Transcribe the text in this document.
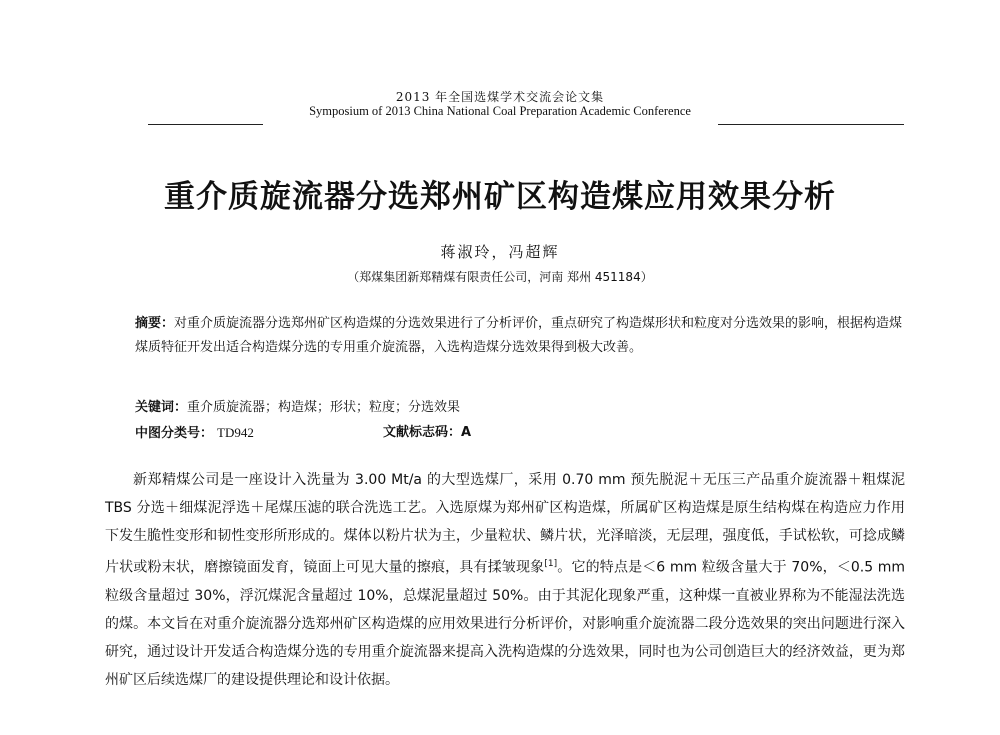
2013 年全国选煤学术交流会论文集
Symposium of 2013 China National Coal Preparation Academic Conference
重介质旋流器分选郑州矿区构造煤应用效果分析
蒋淑玲，冯超辉
（郑煤集团新郑精煤有限责任公司，河南 郑州 451184）
摘要：对重介质旋流器分选郑州矿区构造煤的分选效果进行了分析评价，重点研究了构造煤形状和粒度对分选效果的影响，根据构造煤煤质特征开发出适合构造煤分选的专用重介旋流器，入选构造煤分选效果得到极大改善。
关键词：重介质旋流器；构造煤；形状；粒度；分选效果
中图分类号： TD942	文献标志码：A

新郑精煤公司是一座设计入洗量为 3.00 Mt/a 的大型选煤厂，采用 0.70 mm 预先脱泥＋无压三产品重介旋流器＋粗煤泥 TBS 分选＋细煤泥浮选＋尾煤压滤的联合洗选工艺。入选原煤为郑州矿区构造煤，所属矿区构造煤是原生结构煤在构造应力作用下发生脆性变形和韧性变形所形成的。煤体以粉片状为主，少量粒状、鳞片状，光泽暗淡，无层理，强度低，手试松软，可捻成鳞片状或粉末状，磨擦镜面发育，镜面上可见大量的擦痕，具有揉皱现象[1]。它的特点是＜6 mm 粒级含量大于 70%，＜0.5 mm 粒级含量超过 30%，浮沉煤泥含量超过 10%，总煤泥量超过 50%。由于其泥化现象严重，这种煤一直被业界称为不能湿法洗选的煤。本文旨在对重介旋流器分选郑州矿区构造煤的应用效果进行分析评价，对影响重介旋流器二段分选效果的突出问题进行深入研究，通过设计开发适合构造煤分选的专用重介旋流器来提高入洗构造煤的分选效果，同时也为公司创造巨大的经济效益，更为郑州矿区后续选煤厂的建设提供理论和设计依据。
